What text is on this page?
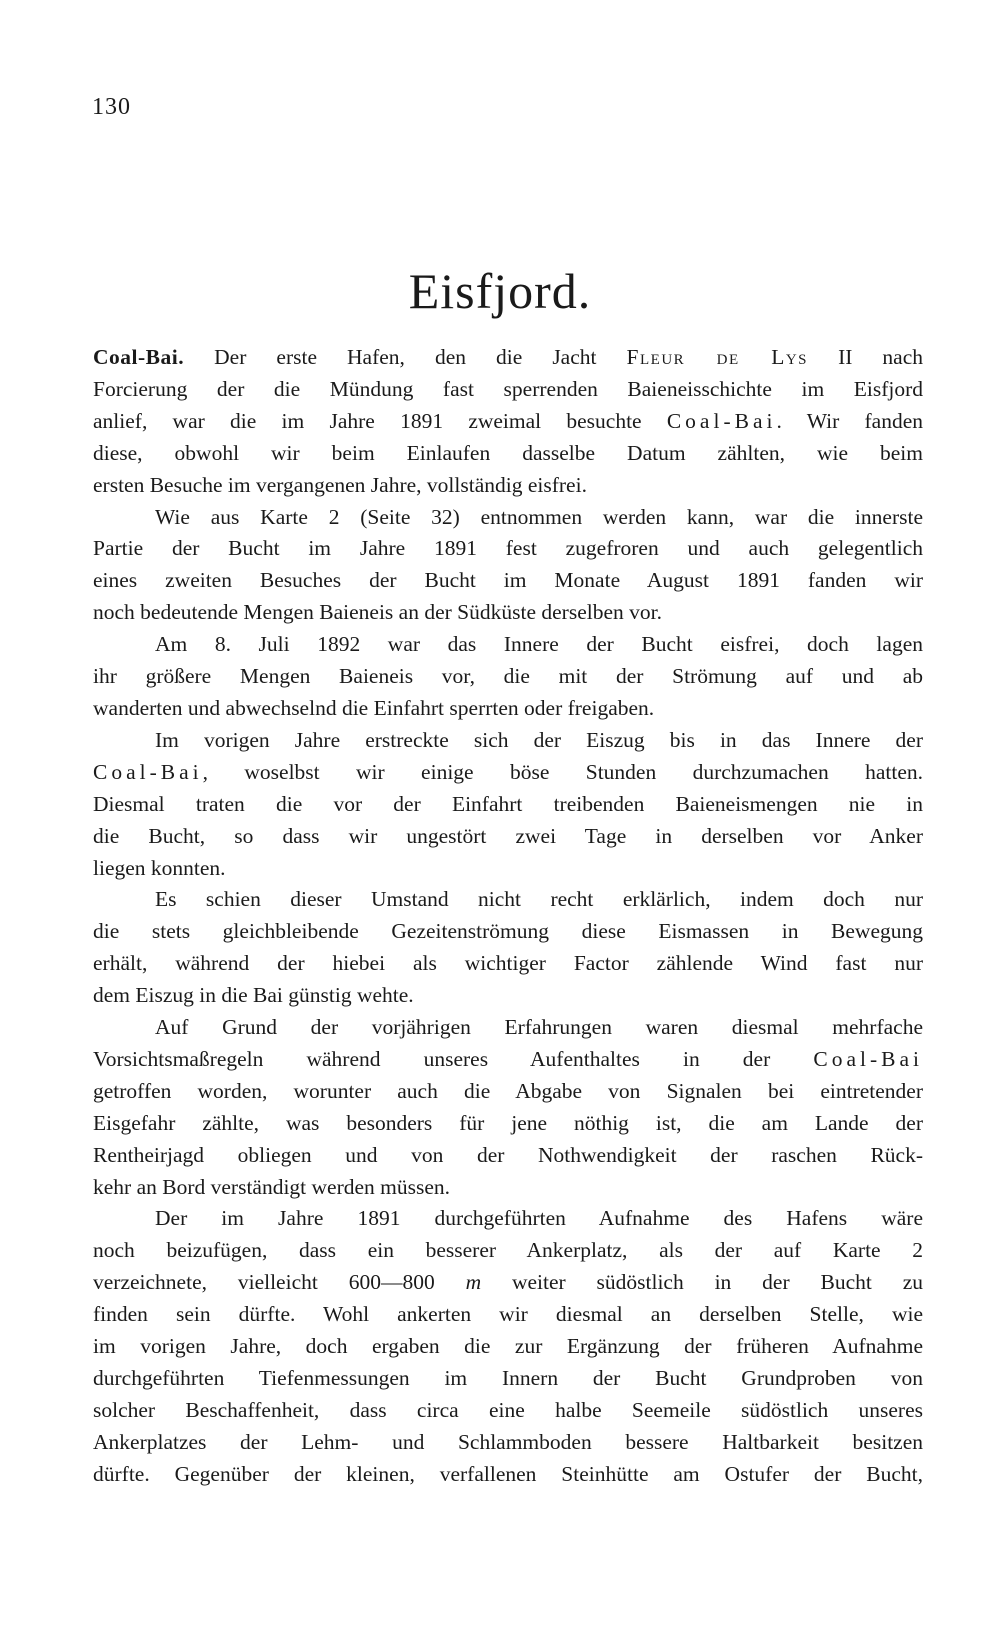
130
Eisfjord.
Coal-Bai. Der erste Hafen, den die Jacht Fleur de Lys II nach
Forcierung der die Mündung fast sperrenden Baieneisschichte im Eisfjord
anlief, war die im Jahre 1891 zweimal besuchte Coal-Bai. Wir fanden
diese, obwohl wir beim Einlaufen dasselbe Datum zählten, wie beim
ersten Besuche im vergangenen Jahre, vollständig eisfrei.
Wie aus Karte 2 (Seite 32) entnommen werden kann, war die innerste
Partie der Bucht im Jahre 1891 fest zugefroren und auch gelegentlich
eines zweiten Besuches der Bucht im Monate August 1891 fanden wir
noch bedeutende Mengen Baieneis an der Südküste derselben vor.
Am 8. Juli 1892 war das Innere der Bucht eisfrei, doch lagen
ihr größere Mengen Baieneis vor, die mit der Strömung auf und ab
wanderten und abwechselnd die Einfahrt sperrten oder freigaben.
Im vorigen Jahre erstreckte sich der Eiszug bis in das Innere der
Coal-Bai, woselbst wir einige böse Stunden durchzumachen hatten.
Diesmal traten die vor der Einfahrt treibenden Baieneismengen nie in
die Bucht, so dass wir ungestört zwei Tage in derselben vor Anker
liegen konnten.
Es schien dieser Umstand nicht recht erklärlich, indem doch nur
die stets gleichbleibende Gezeitenströmung diese Eismassen in Bewegung
erhält, während der hiebei als wichtiger Factor zählende Wind fast nur
dem Eiszug in die Bai günstig wehte.
Auf Grund der vorjährigen Erfahrungen waren diesmal mehrfache
Vorsichtsmaßregeln während unseres Aufenthaltes in der Coal-Bai
getroffen worden, worunter auch die Abgabe von Signalen bei eintretender
Eisgefahr zählte, was besonders für jene nöthig ist, die am Lande der
Rentheirjagd obliegen und von der Nothwendigkeit der raschen Rück-
kehr an Bord verständigt werden müssen.
Der im Jahre 1891 durchgeführten Aufnahme des Hafens wäre
noch beizufügen, dass ein besserer Ankerplatz, als der auf Karte 2
verzeichnete, vielleicht 600—800 m weiter südöstlich in der Bucht zu
finden sein dürfte. Wohl ankerten wir diesmal an derselben Stelle, wie
im vorigen Jahre, doch ergaben die zur Ergänzung der früheren Aufnahme
durchgeführten Tiefenmessungen im Innern der Bucht Grundproben von
solcher Beschaffenheit, dass circa eine halbe Seemeile südöstlich unseres
Ankerplatzes der Lehm- und Schlammboden bessere Haltbarkeit besitzen
dürfte. Gegenüber der kleinen, verfallenen Steinhütte am Ostufer der Bucht,
